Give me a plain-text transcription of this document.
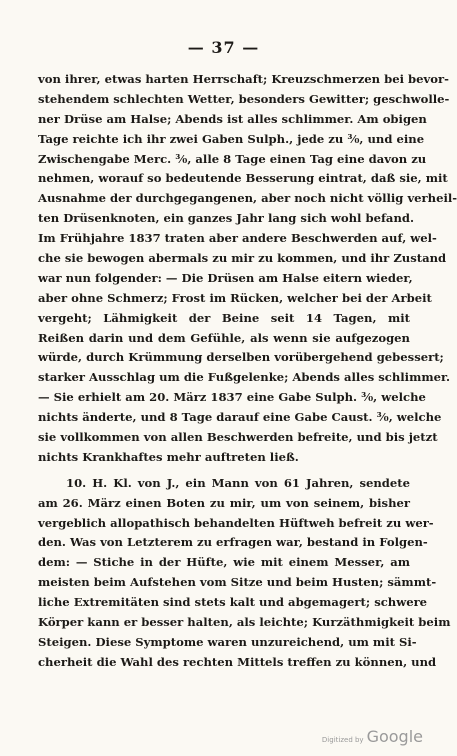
— 37 —
von ihrer, etwas harten Herrschaft; Kreuzschmerzen bei bevor-
stehendem schlechten Wetter, besonders Gewitter; geschwolle-
ner Drüse am Halse; Abends ist alles schlimmer. Am obigen
Tage reichte ich ihr zwei Gaben Sulph., jede zu ³⁄₀, und eine
Zwischengabe Merc. ³⁄₀, alle 8 Tage einen Tag eine davon zu
nehmen, worauf so bedeutende Besserung eintrat, daß sie, mit
Ausnahme der durchgegangenen, aber noch nicht völlig verheil-
ten Drüsenknoten, ein ganzes Jahr lang sich wohl befand.
Im Frühjahre 1837 traten aber andere Beschwerden auf, wel-
che sie bewogen abermals zu mir zu kommen, und ihr Zustand
war nun folgender: — Die Drüsen am Halse eitern wieder,
aber ohne Schmerz; Frost im Rücken, welcher bei der Arbeit
vergeht; Lähmigkeit der Beine seit 14 Tagen, mit
Reißen darin und dem Gefühle, als wenn sie aufgezogen
würde, durch Krümmung derselben vorübergehend gebessert;
starker Ausschlag um die Fußgelenke; Abends alles schlimmer.
— Sie erhielt am 20. März 1837 eine Gabe Sulph. ³⁄₀, welche
nichts änderte, und 8 Tage darauf eine Gabe Caust. ³⁄₀, welche
sie vollkommen von allen Beschwerden befreite, und bis jetzt
nichts Krankhaftes mehr auftreten ließ.
10. H. Kl. von J., ein Mann von 61 Jahren, sendete
am 26. März einen Boten zu mir, um von seinem, bisher
vergeblich allopathisch behandelten Hüftweh befreit zu wer-
den. Was von Letzterem zu erfragen war, bestand in Folgen-
dem: — Stiche in der Hüfte, wie mit einem Messer, am
meisten beim Aufstehen vom Sitze und beim Husten; sämmt-
liche Extremitäten sind stets kalt und abgemagert; schwere
Körper kann er besser halten, als leichte; Kurzäthmigkeit beim
Steigen. Diese Symptome waren unzureichend, um mit Si-
cherheit die Wahl des rechten Mittels treffen zu können, und
Digitized by Google
